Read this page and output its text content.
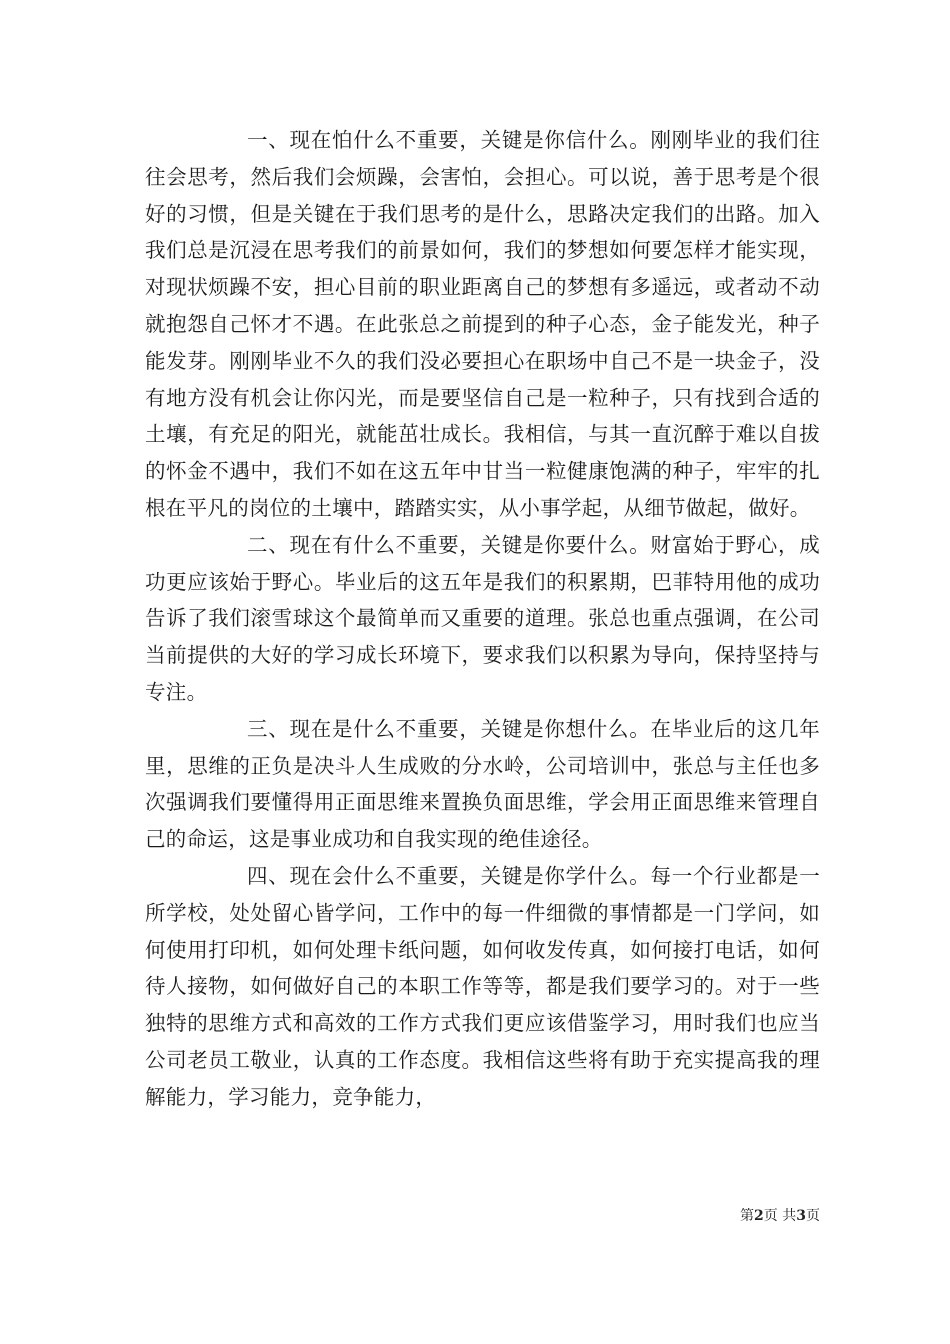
一、现在怕什么不重要，关键是你信什么。刚刚毕业的我们往往会思考，然后我们会烦躁，会害怕，会担心。可以说，善于思考是个很好的习惯，但是关键在于我们思考的是什么，思路决定我们的出路。加入我们总是沉浸在思考我们的前景如何，我们的梦想如何要怎样才能实现，对现状烦躁不安，担心目前的职业距离自己的梦想有多遥远，或者动不动就抱怨自己怀才不遇。在此张总之前提到的种子心态，金子能发光，种子能发芽。刚刚毕业不久的我们没必要担心在职场中自己不是一块金子，没有地方没有机会让你闪光，而是要坚信自己是一粒种子，只有找到合适的土壤，有充足的阳光，就能茁壮成长。我相信，与其一直沉醉于难以自拔的怀金不遇中，我们不如在这五年中甘当一粒健康饱满的种子，牢牢的扎根在平凡的岗位的土壤中，踏踏实实，从小事学起，从细节做起，做好。

二、现在有什么不重要，关键是你要什么。财富始于野心，成功更应该始于野心。毕业后的这五年是我们的积累期，巴菲特用他的成功告诉了我们滚雪球这个最简单而又重要的道理。张总也重点强调，在公司当前提供的大好的学习成长环境下，要求我们以积累为导向，保持坚持与专注。

三、现在是什么不重要，关键是你想什么。在毕业后的这几年里，思维的正负是决斗人生成败的分水岭，公司培训中，张总与主任也多次强调我们要懂得用正面思维来置换负面思维，学会用正面思维来管理自己的命运，这是事业成功和自我实现的绝佳途径。

四、现在会什么不重要，关键是你学什么。每一个行业都是一所学校，处处留心皆学问，工作中的每一件细微的事情都是一门学问，如何使用打印机，如何处理卡纸问题，如何收发传真，如何接打电话，如何待人接物，如何做好自己的本职工作等等，都是我们要学习的。对于一些独特的思维方式和高效的工作方式我们更应该借鉴学习，用时我们也应当公司老员工敬业，认真的工作态度。我相信这些将有助于充实提高我的理解能力，学习能力，竞争能力，

第2页 共3页
